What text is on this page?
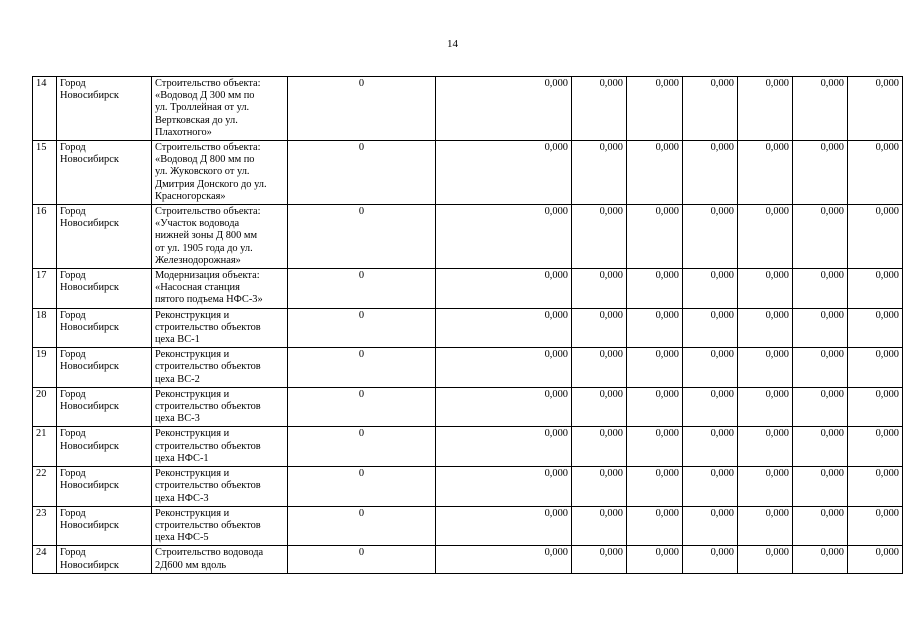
14
14	Город
Новосибирск	Строительство объекта:
«Водовод Д 300 мм по
ул. Троллейная от ул.
Вертковская до ул.
Плахотного»	0	0,000	0,000	0,000	0,000	0,000	0,000	0,000

15	Город
Новосибирск	Строительство объекта:
«Водовод Д 800 мм по
ул. Жуковского от ул.
Дмитрия Донского до ул.
Красногорская»	0	0,000	0,000	0,000	0,000	0,000	0,000	0,000

16	Город
Новосибирск	Строительство объекта:
«Участок водовода
нижней зоны Д 800 мм
от ул. 1905 года до ул.
Железнодорожная»	0	0,000	0,000	0,000	0,000	0,000	0,000	0,000

17	Город
Новосибирск	Модернизация объекта:
«Насосная станция
пятого подъема НФС-3»	0	0,000	0,000	0,000	0,000	0,000	0,000	0,000

18	Город
Новосибирск	Реконструкция и
строительство объектов
цеха ВС-1	0	0,000	0,000	0,000	0,000	0,000	0,000	0,000

19	Город
Новосибирск	Реконструкция и
строительство объектов
цеха ВС-2	0	0,000	0,000	0,000	0,000	0,000	0,000	0,000

20	Город
Новосибирск	Реконструкция и
строительство объектов
цеха ВС-3	0	0,000	0,000	0,000	0,000	0,000	0,000	0,000

21	Город
Новосибирск	Реконструкция и
строительство объектов
цеха НФС-1	0	0,000	0,000	0,000	0,000	0,000	0,000	0,000

22	Город
Новосибирск	Реконструкция и
строительство объектов
цеха НФС-3	0	0,000	0,000	0,000	0,000	0,000	0,000	0,000

23	Город
Новосибирск	Реконструкция и
строительство объектов
цеха НФС-5	0	0,000	0,000	0,000	0,000	0,000	0,000	0,000

24	Город
Новосибирск	Строительство водовода
2Д600 мм вдоль	0	0,000	0,000	0,000	0,000	0,000	0,000	0,000
